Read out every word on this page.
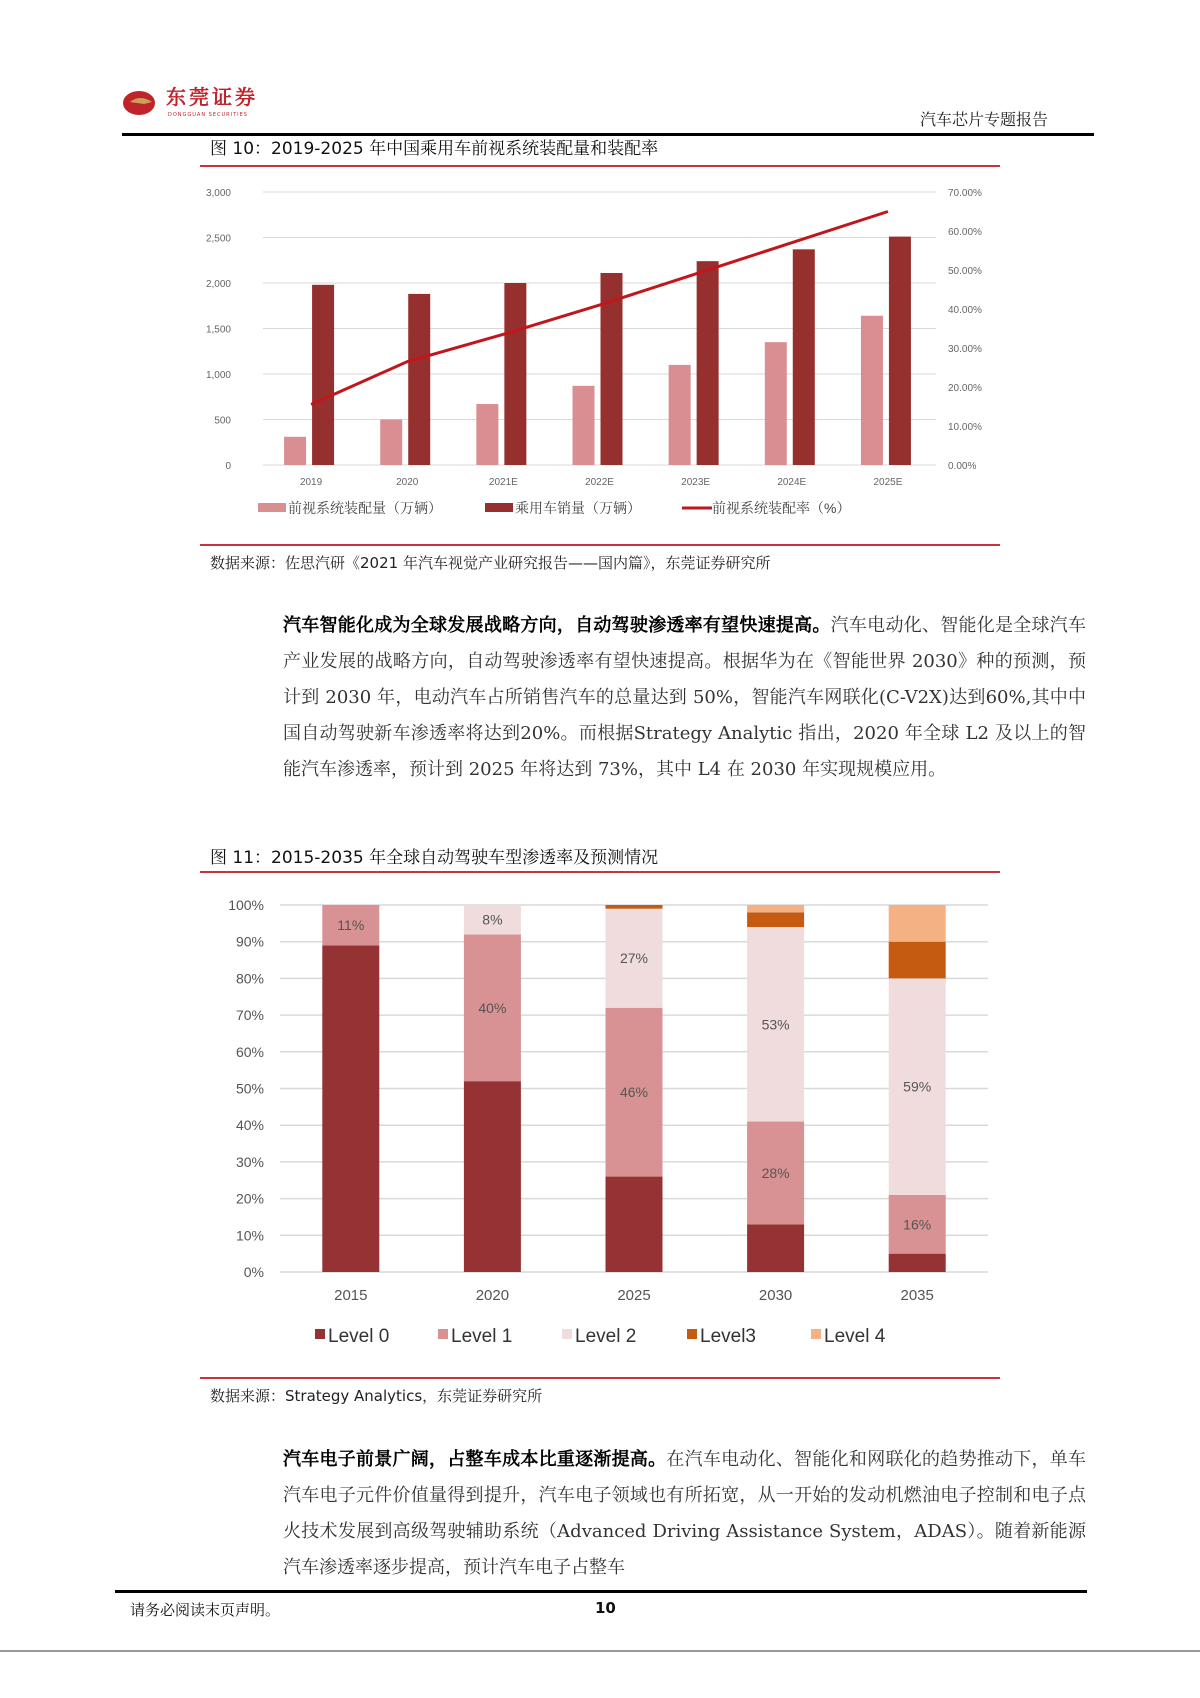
东莞证券
DONGGUAN SECURITIES	汽车芯片专题报告
图 10：2019-2025 年中国乘用车前视系统装配量和装配率
0
500
1,000
1,500
2,000
2,500
3,000
0.00%
10.00%
20.00%
30.00%
40.00%
50.00%
60.00%
70.00%
2019	2020	2021E	2022E	2023E	2024E	2025E
前视系统装配量（万辆）	乘用车销量（万辆）	前视系统装配率（%）
数据来源：佐思汽研《2021 年汽车视觉产业研究报告——国内篇》，东莞证券研究所
汽车智能化成为全球发展战略方向，自动驾驶渗透率有望快速提高。汽车电动化、智能化是全球汽车产业发展的战略方向，自动驾驶渗透率有望快速提高。根据华为在《智能世界 2030》种的预测，预计到 2030 年，电动汽车占所销售汽车的总量达到 50%，智能汽车网联化(C-V2X)达到60%,其中中国自动驾驶新车渗透率将达到20%。而根据Strategy Analytic 指出，2020 年全球 L2 及以上的智能汽车渗透率，预计到 2025 年将达到 73%，其中 L4 在 2030 年实现规模应用。
图 11：2015-2035 年全球自动驾驶车型渗透率及预测情况
0%
10%
20%
30%
40%
50%
60%
70%
80%
90%
100%
11%
2015
40%
8%
2020
46%
27%
2025
28%
53%
2030
16%
59%
2035
Level 0	Level 1	Level 2	Level3	Level 4
数据来源：Strategy Analytics，东莞证券研究所
汽车电子前景广阔，占整车成本比重逐渐提高。在汽车电动化、智能化和网联化的趋势推动下，单车汽车电子元件价值量得到提升，汽车电子领域也有所拓宽，从一开始的发动机燃油电子控制和电子点火技术发展到高级驾驶辅助系统（Advanced Driving Assistance System，ADAS）。随着新能源汽车渗透率逐步提高，预计汽车电子占整车
请务必阅读末页声明。	10
